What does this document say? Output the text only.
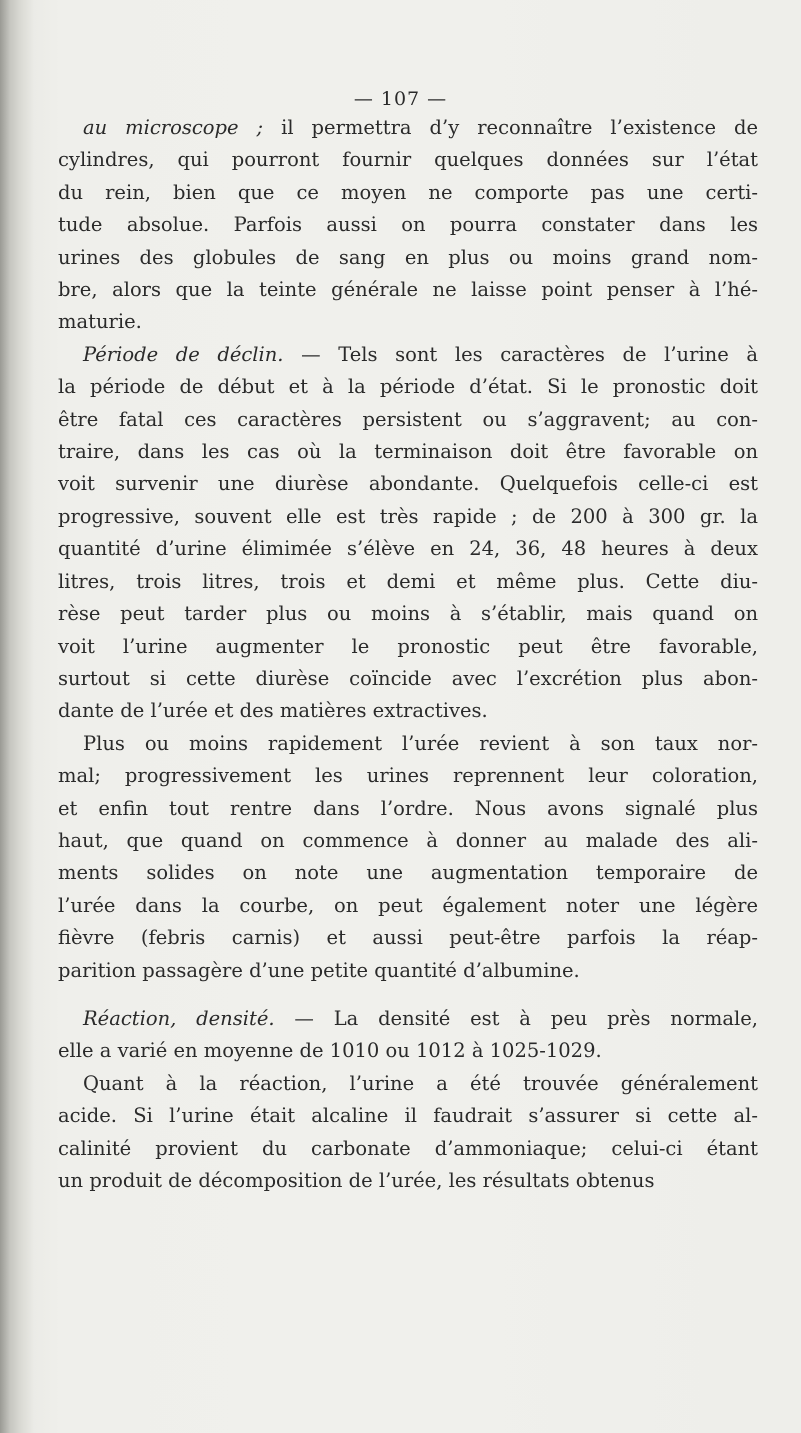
— 107 —
au microscope ; il permettra d’y reconnaître l’existence de
cylindres, qui pourront fournir quelques données sur l’état
du rein, bien que ce moyen ne comporte pas une certi-
tude absolue. Parfois aussi on pourra constater dans les
urines des globules de sang en plus ou moins grand nom-
bre, alors que la teinte générale ne laisse point penser à l’hé-
maturie.
Période de déclin. — Tels sont les caractères de l’urine à
la période de début et à la période d’état. Si le pronostic doit
être fatal ces caractères persistent ou s’aggravent; au con-
traire, dans les cas où la terminaison doit être favorable on
voit survenir une diurèse abondante. Quelquefois celle-ci est
progressive, souvent elle est très rapide ; de 200 à 300 gr. la
quantité d’urine élimimée s’élève en 24, 36, 48 heures à deux
litres, trois litres, trois et demi et même plus. Cette diu-
rèse peut tarder plus ou moins à s’établir, mais quand on
voit l’urine augmenter le pronostic peut être favorable,
surtout si cette diurèse coïncide avec l’excrétion plus abon-
dante de l’urée et des matières extractives.
Plus ou moins rapidement l’urée revient à son taux nor-
mal; progressivement les urines reprennent leur coloration,
et enfin tout rentre dans l’ordre. Nous avons signalé plus
haut, que quand on commence à donner au malade des ali-
ments solides on note une augmentation temporaire de
l’urée dans la courbe, on peut également noter une légère
fièvre (febris carnis) et aussi peut-être parfois la réap-
parition passagère d’une petite quantité d’albumine.
Réaction, densité. — La densité est à peu près normale,
elle a varié en moyenne de 1010 ou 1012 à 1025-1029.
Quant à la réaction, l’urine a été trouvée généralement
acide. Si l’urine était alcaline il faudrait s’assurer si cette al-
calinité provient du carbonate d’ammoniaque; celui-ci étant
un produit de décomposition de l’urée, les résultats obtenus
